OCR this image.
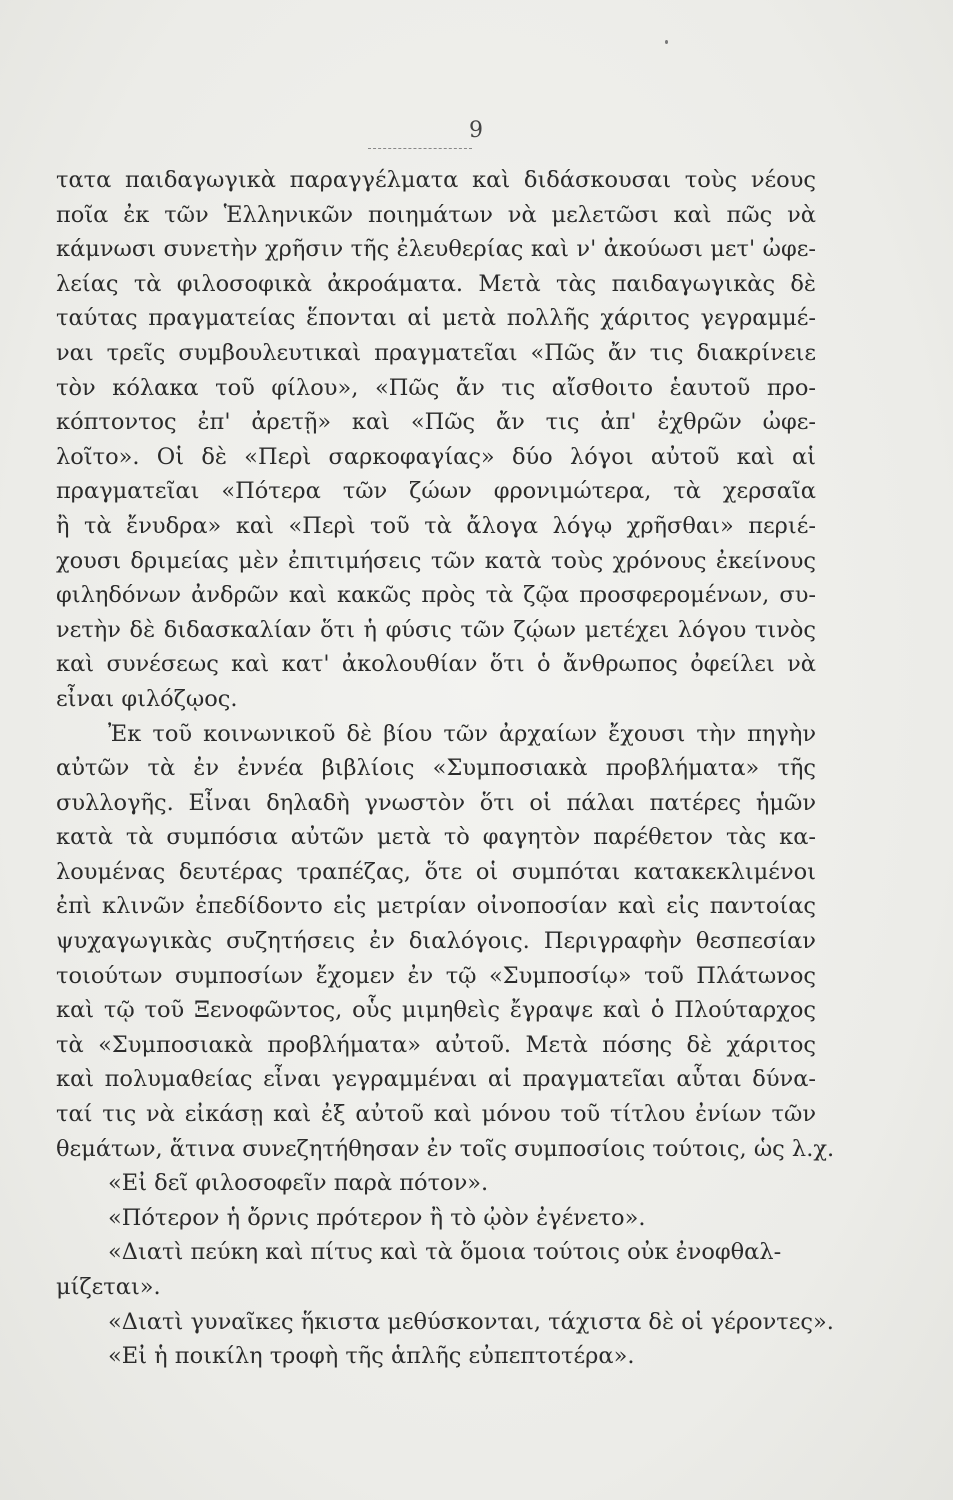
9
τατα παιδαγωγικὰ παραγγέλματα καὶ διδάσκουσαι τοὺς νέους
ποῖα ἐκ τῶν Ἑλληνικῶν ποιημάτων νὰ μελετῶσι καὶ πῶς νὰ
κάμνωσι συνετὴν χρῆσιν τῆς ἐλευθερίας καὶ ν' ἀκούωσι μετ' ὠφε-
λείας τὰ φιλοσοφικὰ ἀκροάματα. Μετὰ τὰς παιδαγωγικὰς δὲ
ταύτας πραγματείας ἕπονται αἱ μετὰ πολλῆς χάριτος γεγραμμέ-
ναι τρεῖς συμβουλευτικαὶ πραγματεῖαι «Πῶς ἄν τις διακρίνειε
τὸν κόλακα τοῦ φίλου», «Πῶς ἄν τις αἴσθοιτο ἑαυτοῦ προ-
κόπτοντος ἐπ' ἀρετῇ» καὶ «Πῶς ἄν τις ἀπ' ἐχθρῶν ὠφε-
λοῖτο». Οἱ δὲ «Περὶ σαρκοφαγίας» δύο λόγοι αὐτοῦ καὶ αἱ
πραγματεῖαι «Πότερα τῶν ζώων φρονιμώτερα, τὰ χερσαῖα
ἢ τὰ ἔνυδρα» καὶ «Περὶ τοῦ τὰ ἄλογα λόγῳ χρῆσθαι» περιέ-
χουσι δριμείας μὲν ἐπιτιμήσεις τῶν κατὰ τοὺς χρόνους ἐκείνους
φιληδόνων ἀνδρῶν καὶ κακῶς πρὸς τὰ ζῷα προσφερομένων, συ-
νετὴν δὲ διδασκαλίαν ὅτι ἡ φύσις τῶν ζῴων μετέχει λόγου τινὸς
καὶ συνέσεως καὶ κατ' ἀκολουθίαν ὅτι ὁ ἄνθρωπος ὀφείλει νὰ
εἶναι φιλόζῳος.
Ἐκ τοῦ κοινωνικοῦ δὲ βίου τῶν ἀρχαίων ἔχουσι τὴν πηγὴν
αὐτῶν τὰ ἐν ἐννέα βιβλίοις «Συμποσιακὰ προβλήματα» τῆς
συλλογῆς. Εἶναι δηλαδὴ γνωστὸν ὅτι οἱ πάλαι πατέρες ἡμῶν
κατὰ τὰ συμπόσια αὐτῶν μετὰ τὸ φαγητὸν παρέθετον τὰς κα-
λουμένας δευτέρας τραπέζας, ὅτε οἱ συμπόται κατακεκλιμένοι
ἐπὶ κλινῶν ἐπεδίδοντο εἰς μετρίαν οἰνοποσίαν καὶ εἰς παντοίας
ψυχαγωγικὰς συζητήσεις ἐν διαλόγοις. Περιγραφὴν θεσπεσίαν
τοιούτων συμποσίων ἔχομεν ἐν τῷ «Συμποσίῳ» τοῦ Πλάτωνος
καὶ τῷ τοῦ Ξενοφῶντος, οὗς μιμηθεὶς ἔγραψε καὶ ὁ Πλούταρχος
τὰ «Συμποσιακὰ προβλήματα» αὐτοῦ. Μετὰ πόσης δὲ χάριτος
καὶ πολυμαθείας εἶναι γεγραμμέναι αἱ πραγματεῖαι αὗται δύνα-
ταί τις νὰ εἰκάσῃ καὶ ἐξ αὐτοῦ καὶ μόνου τοῦ τίτλου ἐνίων τῶν
θεμάτων, ἅτινα συνεζητήθησαν ἐν τοῖς συμποσίοις τούτοις, ὡς λ.χ.
«Εἰ δεῖ φιλοσοφεῖν παρὰ πότον».
«Πότερον ἡ ὄρνις πρότερον ἢ τὸ ᾠὸν ἐγένετο».
«Διατὶ πεύκη καὶ πίτυς καὶ τὰ ὅμοια τούτοις οὐκ ἐνοφθαλ-
μίζεται».
«Διατὶ γυναῖκες ἥκιστα μεθύσκονται, τάχιστα δὲ οἱ γέροντες».
«Εἰ ἡ ποικίλη τροφὴ τῆς ἁπλῆς εὐπεπτοτέρα».
